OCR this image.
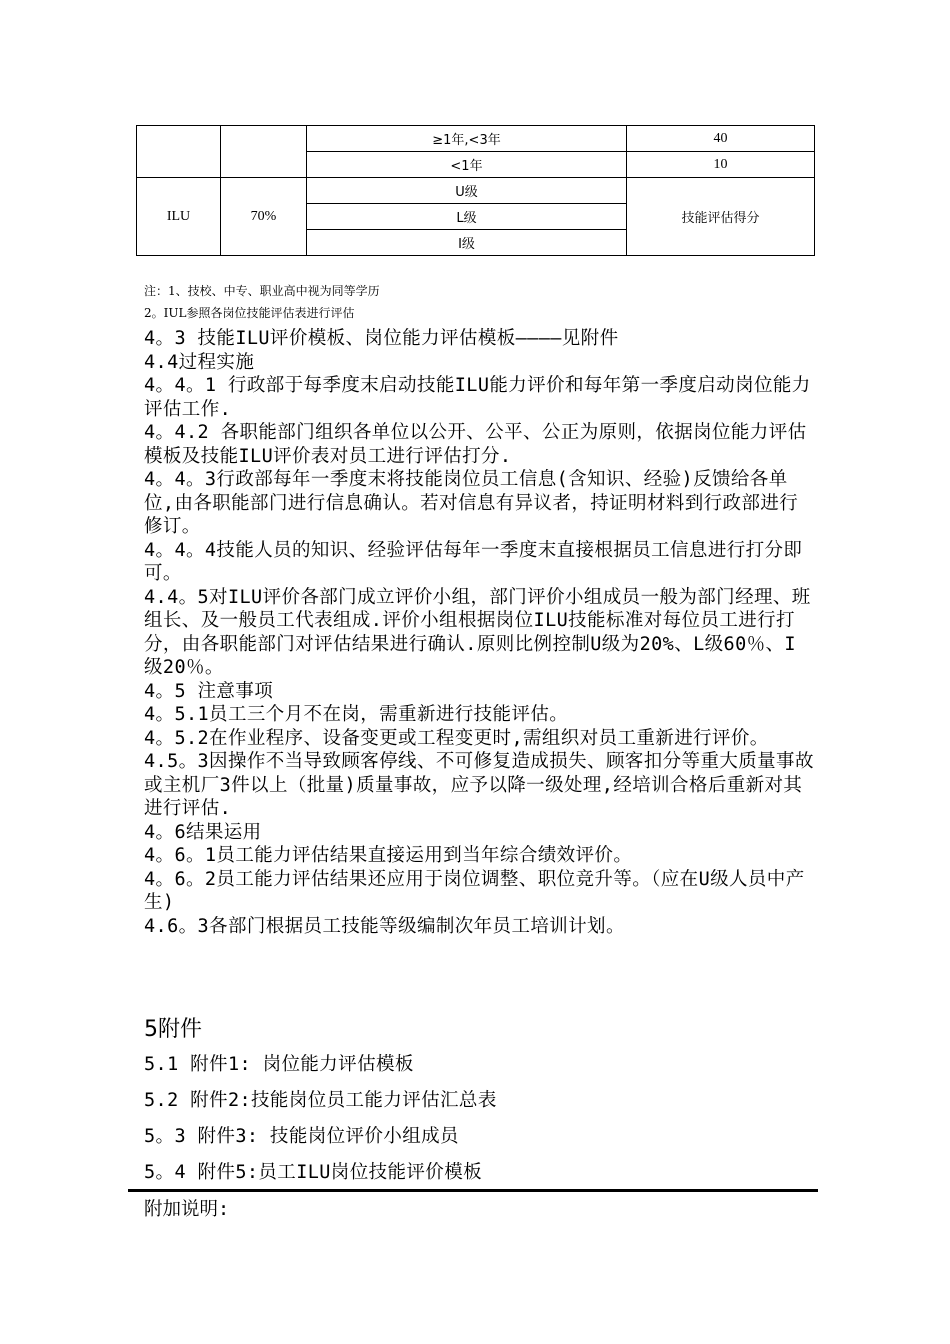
		≥1年,<3年	40
		<1年	10
ILU	70%	U级	技能评估得分
		L级	
		I级	
注：1、技校、中专、职业高中视为同等学历
2。IUL参照各岗位技能评估表进行评估

4。3 技能ILU评价模板、岗位能力评估模板————见附件

4.4过程实施

4。4。1 行政部于每季度末启动技能ILU能力评价和每年第一季度启动岗位能力评估工作.

4。4.2 各职能部门组织各单位以公开、公平、公正为原则，依据岗位能力评估模板及技能ILU评价表对员工进行评估打分.

4。4。3行政部每年一季度末将技能岗位员工信息(含知识、经验)反馈给各单位,由各职能部门进行信息确认。若对信息有异议者，持证明材料到行政部进行修订。

4。4。4技能人员的知识、经验评估每年一季度末直接根据员工信息进行打分即可。

4.4。5对ILU评价各部门成立评价小组，部门评价小组成员一般为部门经理、班组长、及一般员工代表组成.评价小组根据岗位ILU技能标准对每位员工进行打分，由各职能部门对评估结果进行确认.原则比例控制U级为20%、L级60％、I级20％。

4。5 注意事项

4。5.1员工三个月不在岗，需重新进行技能评估。

4。5.2在作业程序、设备变更或工程变更时,需组织对员工重新进行评价。

4.5。3因操作不当导致顾客停线、不可修复造成损失、顾客扣分等重大质量事故或主机厂3件以上（批量)质量事故，应予以降一级处理,经培训合格后重新对其进行评估.

4。6结果运用

4。6。1员工能力评估结果直接运用到当年综合绩效评价。

4。6。2员工能力评估结果还应用于岗位调整、职位竞升等。（应在U级人员中产生)

4.6。3各部门根据员工技能等级编制次年员工培训计划。

5附件
5.1 附件1: 岗位能力评估模板
5.2 附件2:技能岗位员工能力评估汇总表
5。3 附件3: 技能岗位评价小组成员
5。4 附件5:员工ILU岗位技能评价模板
附加说明:
